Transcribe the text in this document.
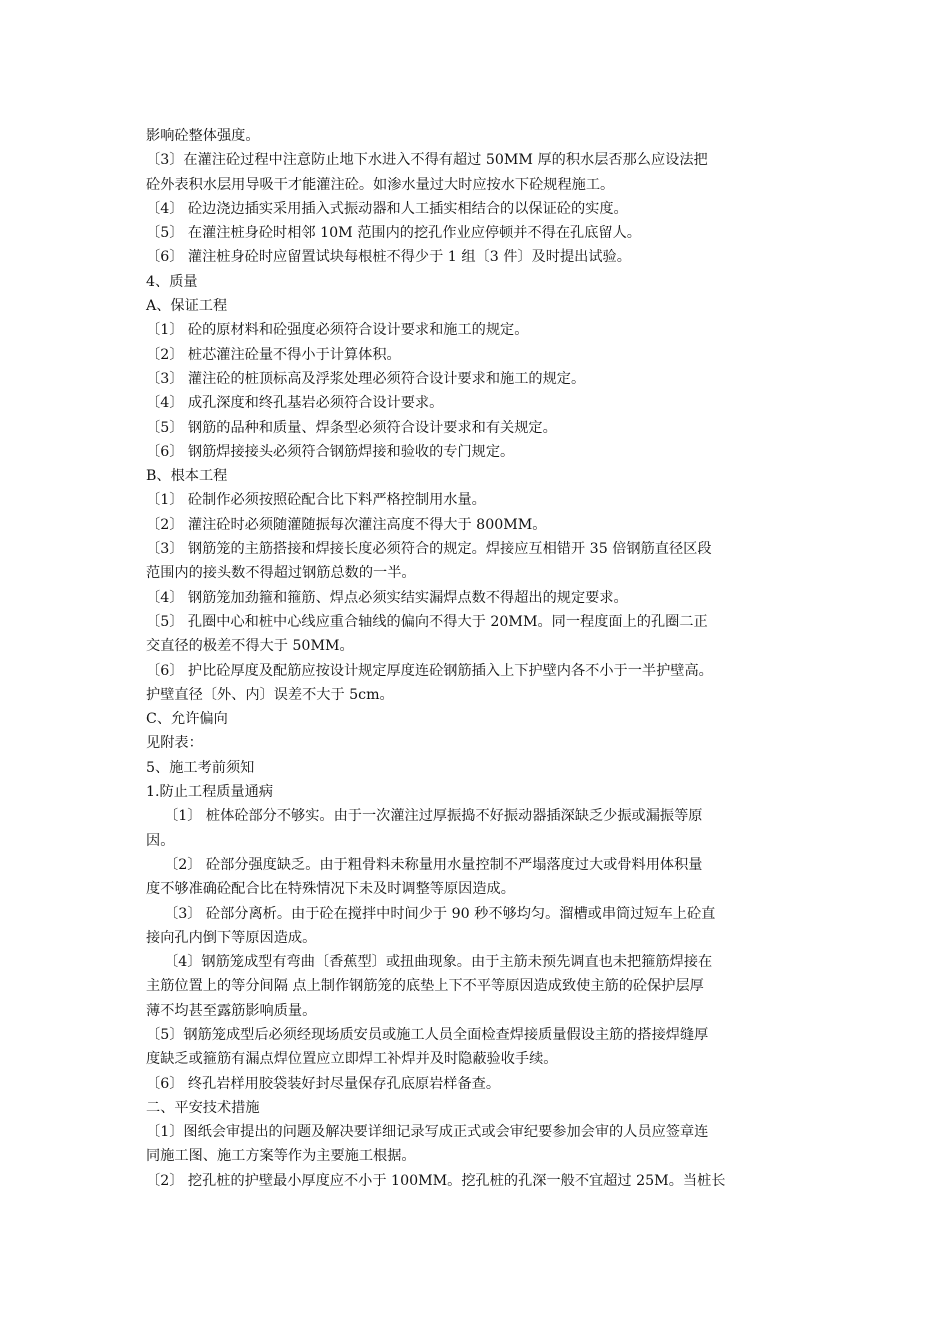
影响砼整体强度。

〔3〕在灌注砼过程中注意防止地下水进入不得有超过 50MM 厚的积水层否那么应设法把

砼外表积水层用导吸干才能灌注砼。如渗水量过大时应按水下砼规程施工。

〔4〕 砼边浇边插实采用插入式振动器和人工插实相结合的以保证砼的实度。

〔5〕 在灌注桩身砼时相邻 10M 范围内的挖孔作业应停顿并不得在孔底留人。

〔6〕 灌注桩身砼时应留置试块每根桩不得少于 1 组〔3 件〕及时提出试验。

4、质量

A、保证工程

〔1〕 砼的原材料和砼强度必须符合设计要求和施工的规定。

〔2〕 桩芯灌注砼量不得小于计算体积。

〔3〕 灌注砼的桩顶标高及浮浆处理必须符合设计要求和施工的规定。

〔4〕 成孔深度和终孔基岩必须符合设计要求。

〔5〕 钢筋的品种和质量、焊条型必须符合设计要求和有关规定。

〔6〕 钢筋焊接接头必须符合钢筋焊接和验收的专门规定。

B、根本工程

〔1〕 砼制作必须按照砼配合比下料严格控制用水量。

〔2〕 灌注砼时必须随灌随振每次灌注高度不得大于 800MM。

〔3〕 钢筋笼的主筋搭接和焊接长度必须符合的规定。焊接应互相错开 35 倍钢筋直径区段

范围内的接头数不得超过钢筋总数的一半。

〔4〕 钢筋笼加劲箍和箍筋、焊点必须实结实漏焊点数不得超出的规定要求。

〔5〕 孔圈中心和桩中心线应重合轴线的偏向不得大于 20MM。同一程度面上的孔圈二正

交直径的极差不得大于 50MM。

〔6〕 护比砼厚度及配筋应按设计规定厚度连砼钢筋插入上下护壁内各不小于一半护壁高。

护壁直径〔外、内〕误差不大于 5cm。

C、允许偏向

见附表：

5、施工考前须知

1.防止工程质量通病

〔1〕 桩体砼部分不够实。由于一次灌注过厚振捣不好振动器插深缺乏少振或漏振等原

因。

〔2〕 砼部分强度缺乏。由于粗骨料未称量用水量控制不严塌落度过大或骨料用体积量

度不够准确砼配合比在特殊情况下未及时调整等原因造成。

〔3〕 砼部分离析。由于砼在搅拌中时间少于 90 秒不够均匀。溜槽或串筒过短车上砼直

接向孔内倒下等原因造成。

〔4〕钢筋笼成型有弯曲〔香蕉型〕或扭曲现象。由于主筋未预先调直也未把箍筋焊接在

主筋位置上的等分间隔 点上制作钢筋笼的底垫上下不平等原因造成致使主筋的砼保护层厚

薄不均甚至露筋影响质量。

〔5〕钢筋笼成型后必须经现场质安员或施工人员全面检查焊接质量假设主筋的搭接焊缝厚

度缺乏或箍筋有漏点焊位置应立即焊工补焊并及时隐蔽验收手续。

〔6〕 终孔岩样用胶袋装好封尽量保存孔底原岩样备查。

二、平安技术措施

〔1〕图纸会审提出的问题及解决要详细记录写成正式或会审纪要参加会审的人员应签章连

同施工图、施工方案等作为主要施工根据。

〔2〕 挖孔桩的护壁最小厚度应不小于 100MM。挖孔桩的孔深一般不宜超过 25M。当桩长
